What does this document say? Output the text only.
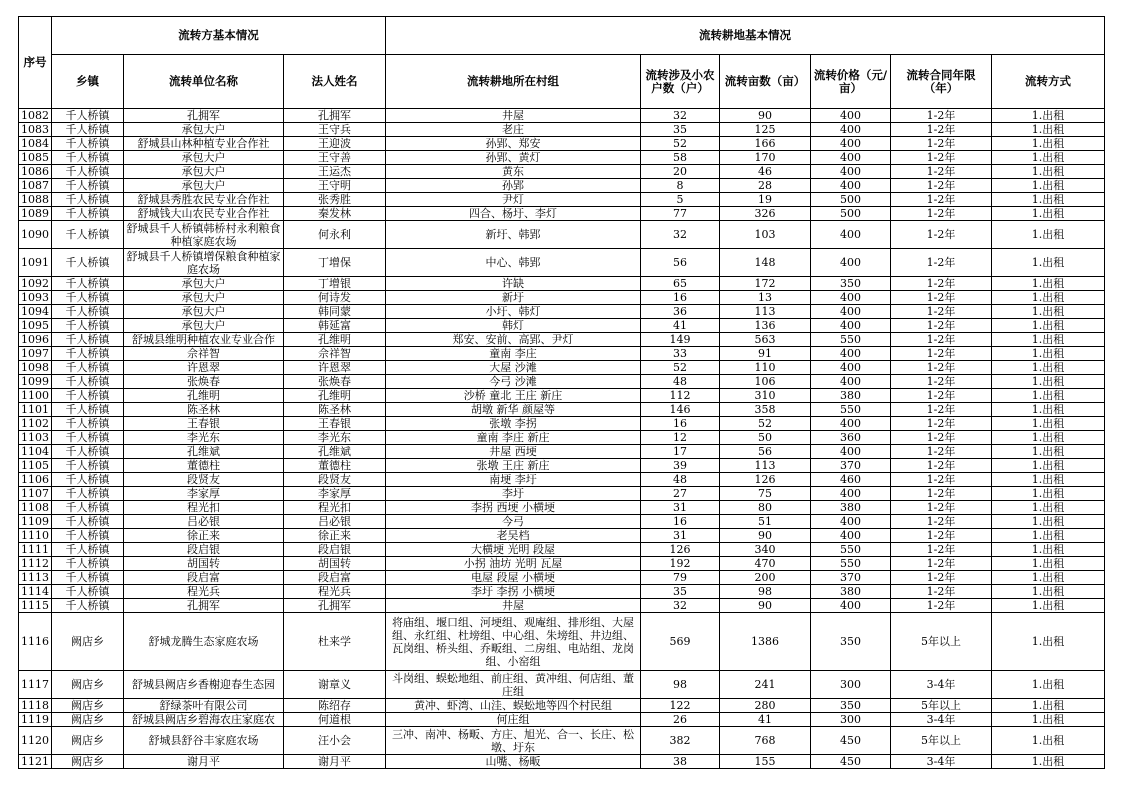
序号	流转方基本情况			流转耕地基本情况					
	乡镇	流转单位名称	法人姓名	流转耕地所在村组	流转涉及小农户数（户）	流转亩数（亩）	流转价格（元/亩）	流转合同年限（年）	流转方式
1082	千人桥镇	孔拥军	孔拥军	井屋	32	90	400	1-2年	1.出租
1083	千人桥镇	承包大户	王守兵	老庄	35	125	400	1-2年	1.出租
1084	千人桥镇	舒城县山林种植专业合作社	王迎波	孙郢、郑安	52	166	400	1-2年	1.出租
1085	千人桥镇	承包大户	王守善	孙郢、黄灯	58	170	400	1-2年	1.出租
1086	千人桥镇	承包大户	王运杰	黄东	20	46	400	1-2年	1.出租
1087	千人桥镇	承包大户	王守明	孙郢	8	28	400	1-2年	1.出租
1088	千人桥镇	舒城县秀胜农民专业合作社	张秀胜	尹灯	5	19	500	1-2年	1.出租
1089	千人桥镇	舒城钱大山农民专业合作社	秦发林	四合、杨圩、李灯	77	326	500	1-2年	1.出租
1090	千人桥镇	舒城县千人桥镇韩桥村永利粮食种植家庭农场	何永利	新圩、韩郢	32	103	400	1-2年	1.出租
1091	千人桥镇	舒城县千人桥镇增保粮食种植家庭农场	丁增保	中心、韩郢	56	148	400	1-2年	1.出租
1092	千人桥镇	承包大户	丁增银	许缺	65	172	350	1-2年	1.出租
1093	千人桥镇	承包大户	何诗发	新圩	16	13	400	1-2年	1.出租
1094	千人桥镇	承包大户	韩同蒙	小圩、韩灯	36	113	400	1-2年	1.出租
1095	千人桥镇	承包大户	韩延富	韩灯	41	136	400	1-2年	1.出租
1096	千人桥镇	舒城县维明种植农业专业合作	孔维明	郑安、安前、高郢、尹灯	149	563	550	1-2年	1.出租
1097	千人桥镇	佘祥智	佘祥智	童南 李庄	33	91	400	1-2年	1.出租
1098	千人桥镇	许恩翠	许恩翠	大屋 沙滩	52	110	400	1-2年	1.出租
1099	千人桥镇	张焕春	张焕春	今弓 沙滩	48	106	400	1-2年	1.出租
1100	千人桥镇	孔维明	孔维明	沙桥 童北 王庄 新庄	112	310	380	1-2年	1.出租
1101	千人桥镇	陈圣林	陈圣林	胡墩 新华 颜屋等	146	358	550	1-2年	1.出租
1102	千人桥镇	王春银	王春银	张墩 李拐	16	52	400	1-2年	1.出租
1103	千人桥镇	李光东	李光东	童南 李庄 新庄	12	50	360	1-2年	1.出租
1104	千人桥镇	孔维斌	孔维斌	井屋 西埂	17	56	400	1-2年	1.出租
1105	千人桥镇	董德柱	董德柱	张墩 王庄 新庄	39	113	370	1-2年	1.出租
1106	千人桥镇	段贤友	段贤友	南埂 李圩	48	126	460	1-2年	1.出租
1107	千人桥镇	李家厚	李家厚	李圩	27	75	400	1-2年	1.出租
1108	千人桥镇	程光扣	程光扣	李拐 西埂 小横埂	31	80	380	1-2年	1.出租
1109	千人桥镇	吕必银	吕必银	今弓	16	51	400	1-2年	1.出租
1110	千人桥镇	徐正来	徐正来	老吴档	31	90	400	1-2年	1.出租
1111	千人桥镇	段启银	段启银	大横埂 光明 段屋	126	340	550	1-2年	1.出租
1112	千人桥镇	胡国转	胡国转	小拐 油坊 光明 瓦屋	192	470	550	1-2年	1.出租
1113	千人桥镇	段启富	段启富	电屋 段屋 小横埂	79	200	370	1-2年	1.出租
1114	千人桥镇	程光兵	程光兵	李圩 李拐 小横埂	35	98	380	1-2年	1.出租
1115	千人桥镇	孔拥军	孔拥军	井屋	32	90	400	1-2年	1.出租
1116	阙店乡	舒城龙腾生态家庭农场	杜来学	将庙组、堰口组、河埂组、观庵组、排形组、大屋组、永红组、杜塝组、中心组、朱塝组、井边组、瓦岗组、桥头组、乔畈组、二房组、电站组、龙岗组、小窑组	569	1386	350	5年以上	1.出租
1117	阙店乡	舒城县阙店乡香榭迎春生态园	谢章义	斗岗组、蜈蚣地组、前庄组、黄冲组、何店组、董庄组	98	241	300	3-4年	1.出租
1118	阙店乡	舒绿茶叶有限公司	陈绍存	黄冲、虾湾、山洼、蜈蚣地等四个村民组	122	280	350	5年以上	1.出租
1119	阙店乡	舒城县阙店乡碧海农庄家庭农	何道根	何庄组	26	41	300	3-4年	1.出租
1120	阙店乡	舒城县舒谷丰家庭农场	汪小会	三冲、南冲、杨畈、方庄、旭光、合一、长庄、松墩、圩东	382	768	450	5年以上	1.出租
1121	阙店乡	谢月平	谢月平	山嘴、杨畈	38	155	450	3-4年	1.出租
